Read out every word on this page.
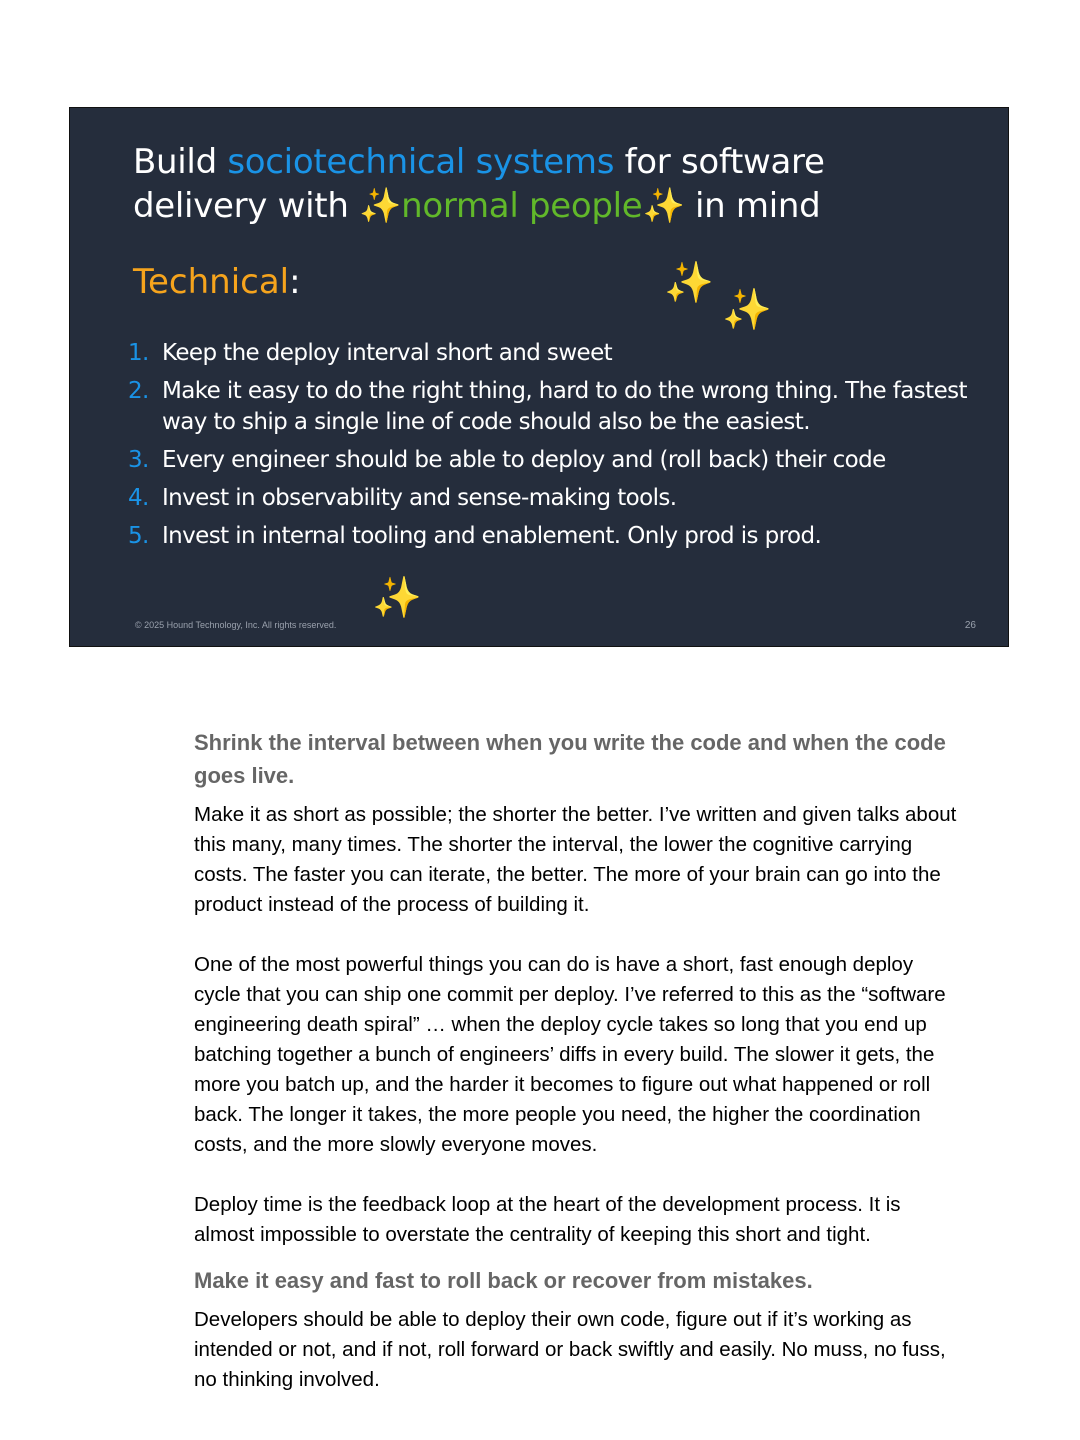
Build sociotechnical systems for software delivery with ✨normal people✨ in mind
Technical:	✨
✨
1. Keep the deploy interval short and sweet
2. Make it easy to do the right thing, hard to do the wrong thing. The fastest way to ship a single line of code should also be the easiest.
3. Every engineer should be able to deploy and (roll back) their code
4. Invest in observability and sense-making tools.
5. Invest in internal tooling and enablement. Only prod is prod.
✨
© 2025 Hound Technology, Inc. All rights reserved.	26
Shrink the interval between when you write the code and when the code goes live.

Make it as short as possible; the shorter the better. I’ve written and given talks about this many, many times. The shorter the interval, the lower the cognitive carrying costs. The faster you can iterate, the better. The more of your brain can go into the product instead of the process of building it.

One of the most powerful things you can do is have a short, fast enough deploy cycle that you can ship one commit per deploy. I’ve referred to this as the “software engineering death spiral” … when the deploy cycle takes so long that you end up batching together a bunch of engineers’ diffs in every build. The slower it gets, the more you batch up, and the harder it becomes to figure out what happened or roll back. The longer it takes, the more people you need, the higher the coordination costs, and the more slowly everyone moves.

Deploy time is the feedback loop at the heart of the development process. It is almost impossible to overstate the centrality of keeping this short and tight.

Make it easy and fast to roll back or recover from mistakes.

Developers should be able to deploy their own code, figure out if it’s working as intended or not, and if not, roll forward or back swiftly and easily. No muss, no fuss, no thinking involved.
